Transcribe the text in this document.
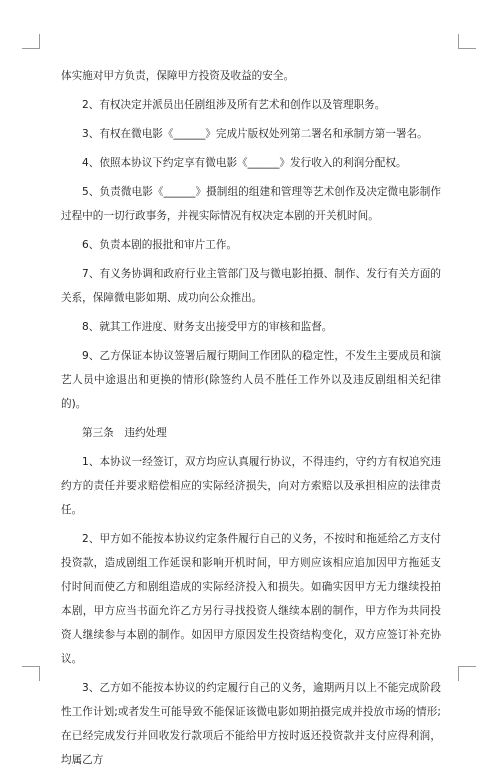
体实施对甲方负责，保障甲方投资及收益的安全。

2、有权决定并派员出任剧组涉及所有艺术和创作以及管理职务。

3、有权在微电影《______》完成片版权处列第二署名和承制方第一署名。

4、依照本协议下约定享有微电影《______》发行收入的利润分配权。

5、负责微电影《______》摄制组的组建和管理等艺术创作及决定微电影制作过程中的一切行政事务，并视实际情况有权决定本剧的开关机时间。

6、负责本剧的报批和审片工作。

7、有义务协调和政府行业主管部门及与微电影拍摄、制作、发行有关方面的关系，保障微电影如期、成功向公众推出。

8、就其工作进度、财务支出接受甲方的审核和监督。

9、乙方保证本协议签署后履行期间工作团队的稳定性，不发生主要成员和演艺人员中途退出和更换的情形(除签约人员不胜任工作外以及违反剧组相关纪律的)。

第三条　违约处理

1、本协议一经签订，双方均应认真履行协议，不得违约，守约方有权追究违约方的责任并要求赔偿相应的实际经济损失，向对方索赔以及承担相应的法律责任。

2、甲方如不能按本协议约定条件履行自己的义务，不按时和拖延给乙方支付投资款，造成剧组工作延误和影响开机时间，甲方则应该相应追加因甲方拖延支付时间而使乙方和剧组造成的实际经济投入和损失。如确实因甲方无力继续投拍本剧，甲方应当书面允许乙方另行寻找投资人继续本剧的制作，甲方作为共同投资人继续参与本剧的制作。如因甲方原因发生投资结构变化，双方应签订补充协议。

3、乙方如不能按本协议的约定履行自己的义务，逾期两月以上不能完成阶段性工作计划;或者发生可能导致不能保证该微电影如期拍摄完成并投放市场的情形;在已经完成发行并回收发行款项后不能给甲方按时返还投资款并支付应得利润，均属乙方
